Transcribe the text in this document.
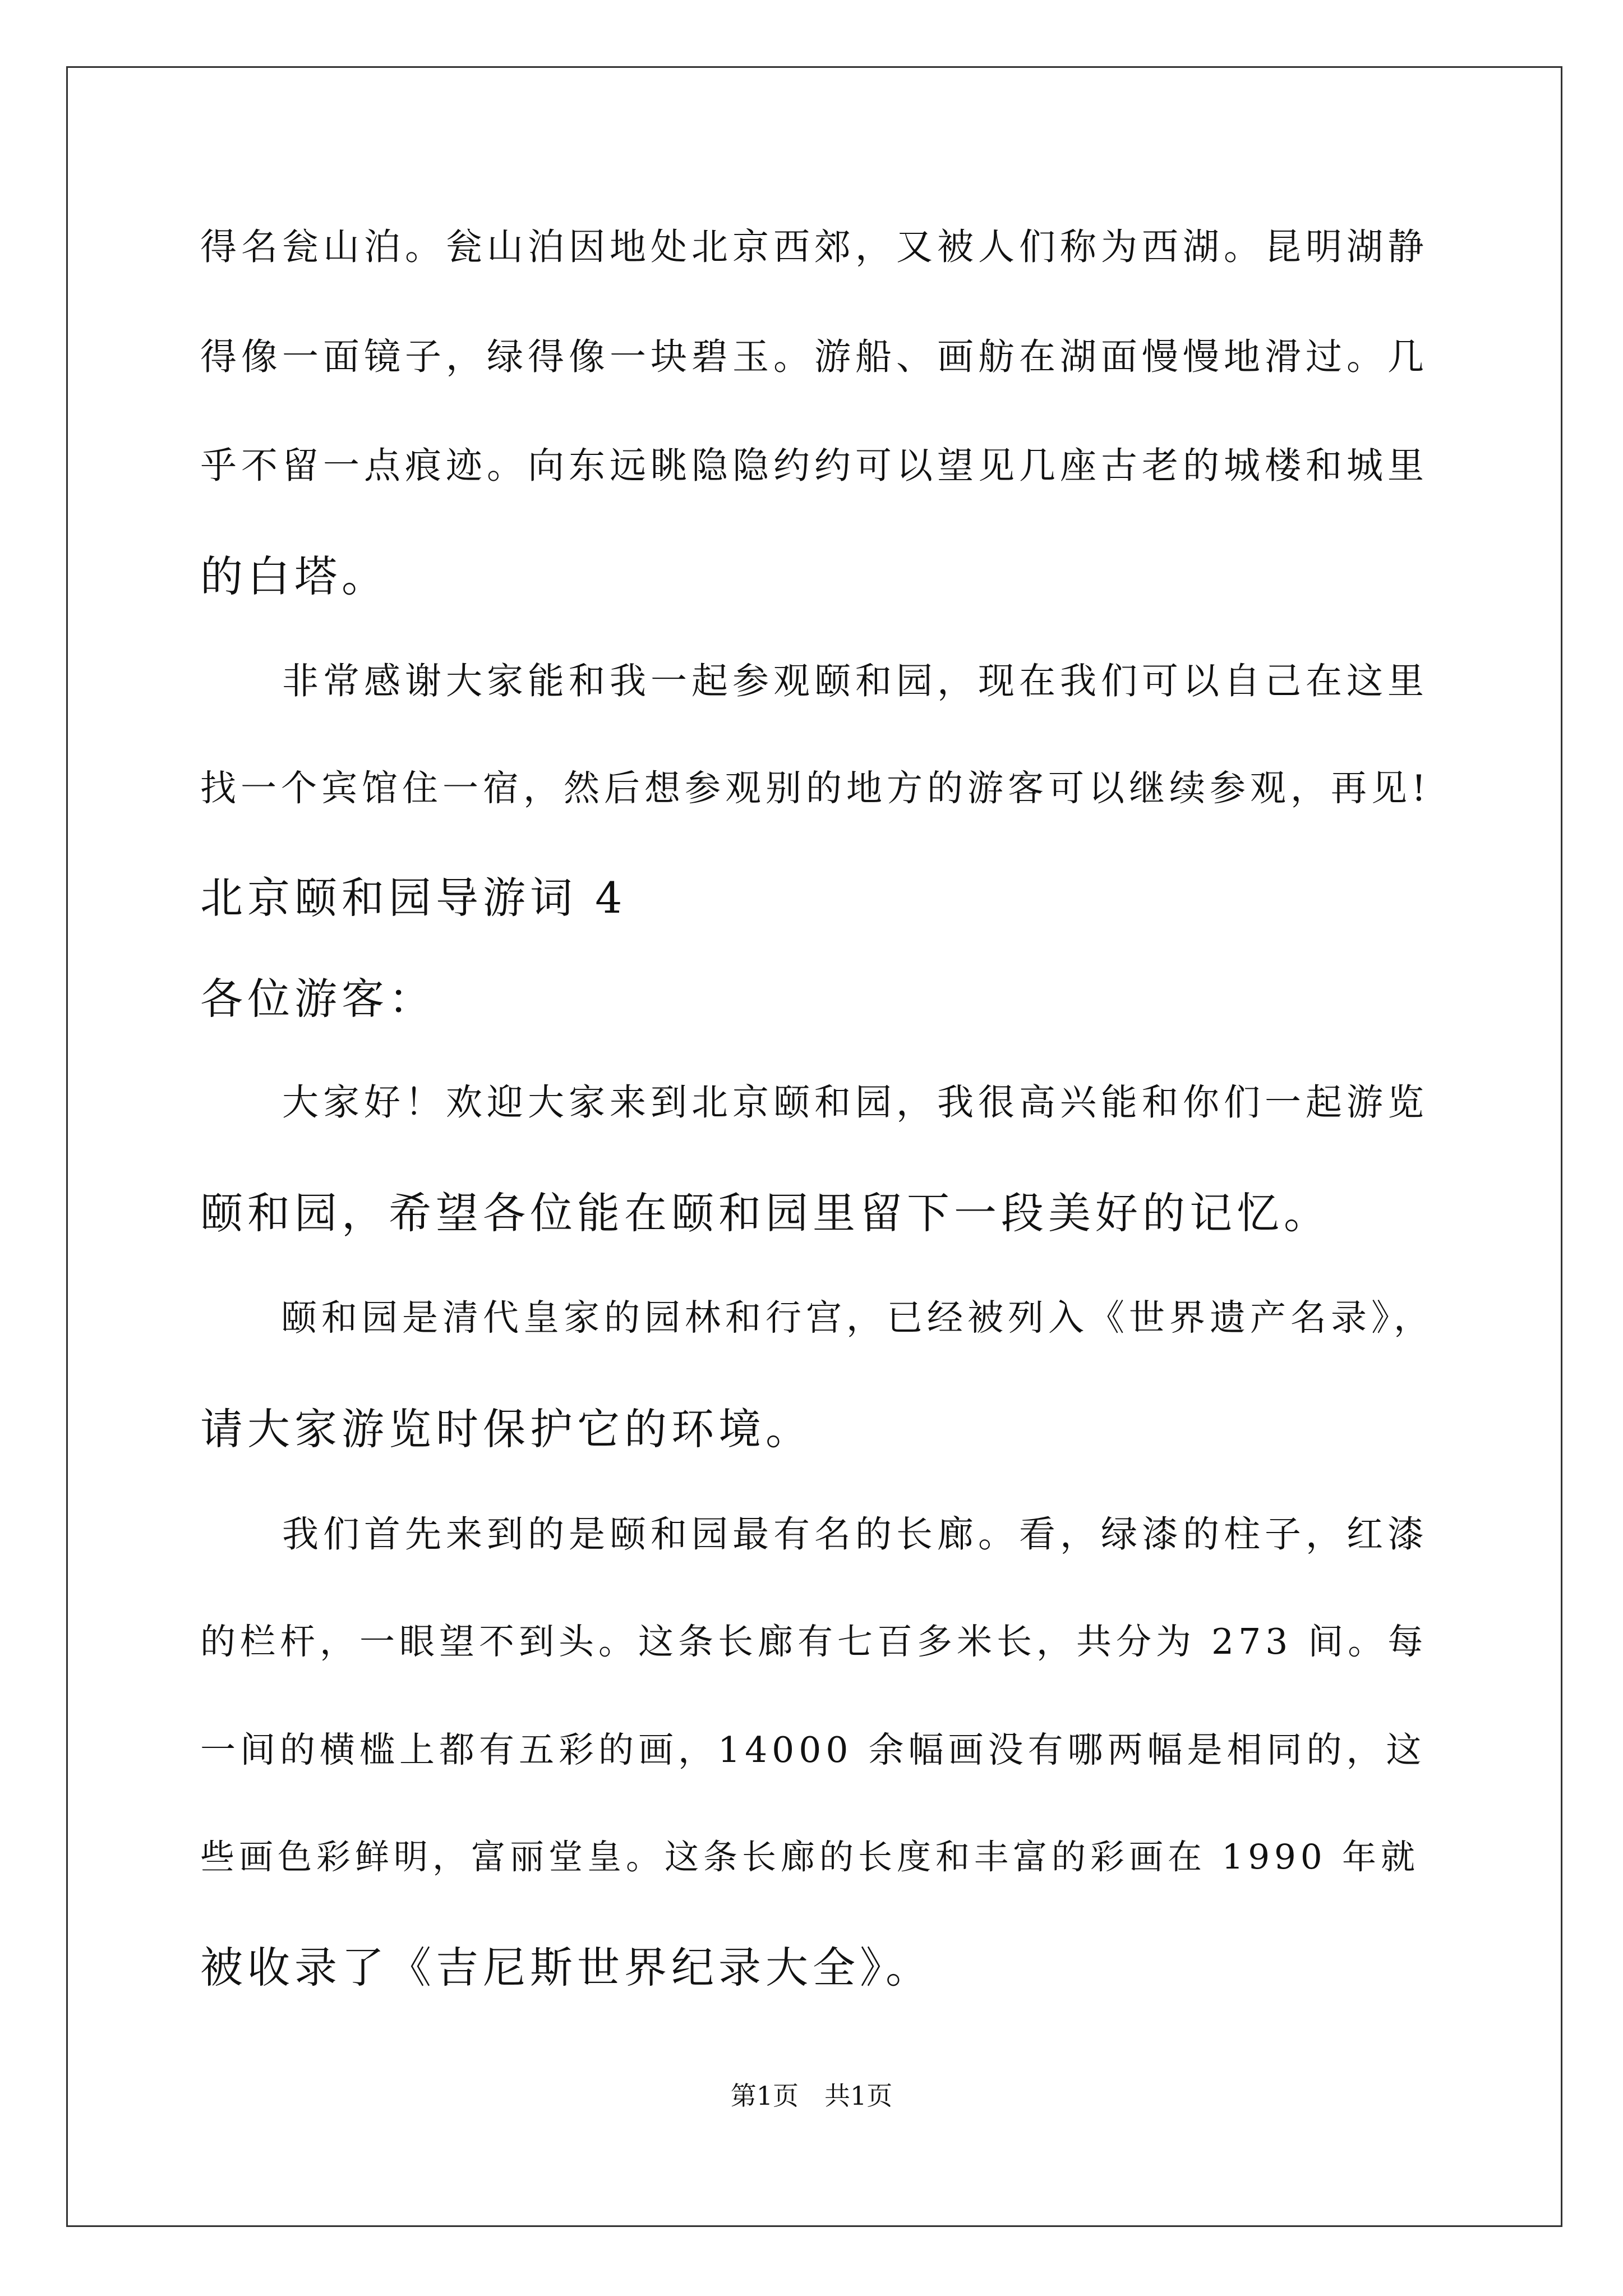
得名瓮山泊。瓮山泊因地处北京西郊，又被人们称为西湖。昆明湖静
得像一面镜子，绿得像一块碧玉。游船、画舫在湖面慢慢地滑过。几
乎不留一点痕迹。向东远眺隐隐约约可以望见几座古老的城楼和城里
的白塔。
　　非常感谢大家能和我一起参观颐和园，现在我们可以自己在这里
找一个宾馆住一宿，然后想参观别的地方的游客可以继续参观，再见!
北京颐和园导游词 4
各位游客：
　　大家好！欢迎大家来到北京颐和园，我很高兴能和你们一起游览
颐和园，希望各位能在颐和园里留下一段美好的记忆。
　　颐和园是清代皇家的园林和行宫，已经被列入《世界遗产名录》，
请大家游览时保护它的环境。
　　我们首先来到的是颐和园最有名的长廊。看，绿漆的柱子，红漆
的栏杆，一眼望不到头。这条长廊有七百多米长，共分为 273 间。每
一间的横槛上都有五彩的画，14000 余幅画没有哪两幅是相同的，这
些画色彩鲜明，富丽堂皇。这条长廊的长度和丰富的彩画在 1990 年就
被收录了《吉尼斯世界纪录大全》。
第1页　共1页
